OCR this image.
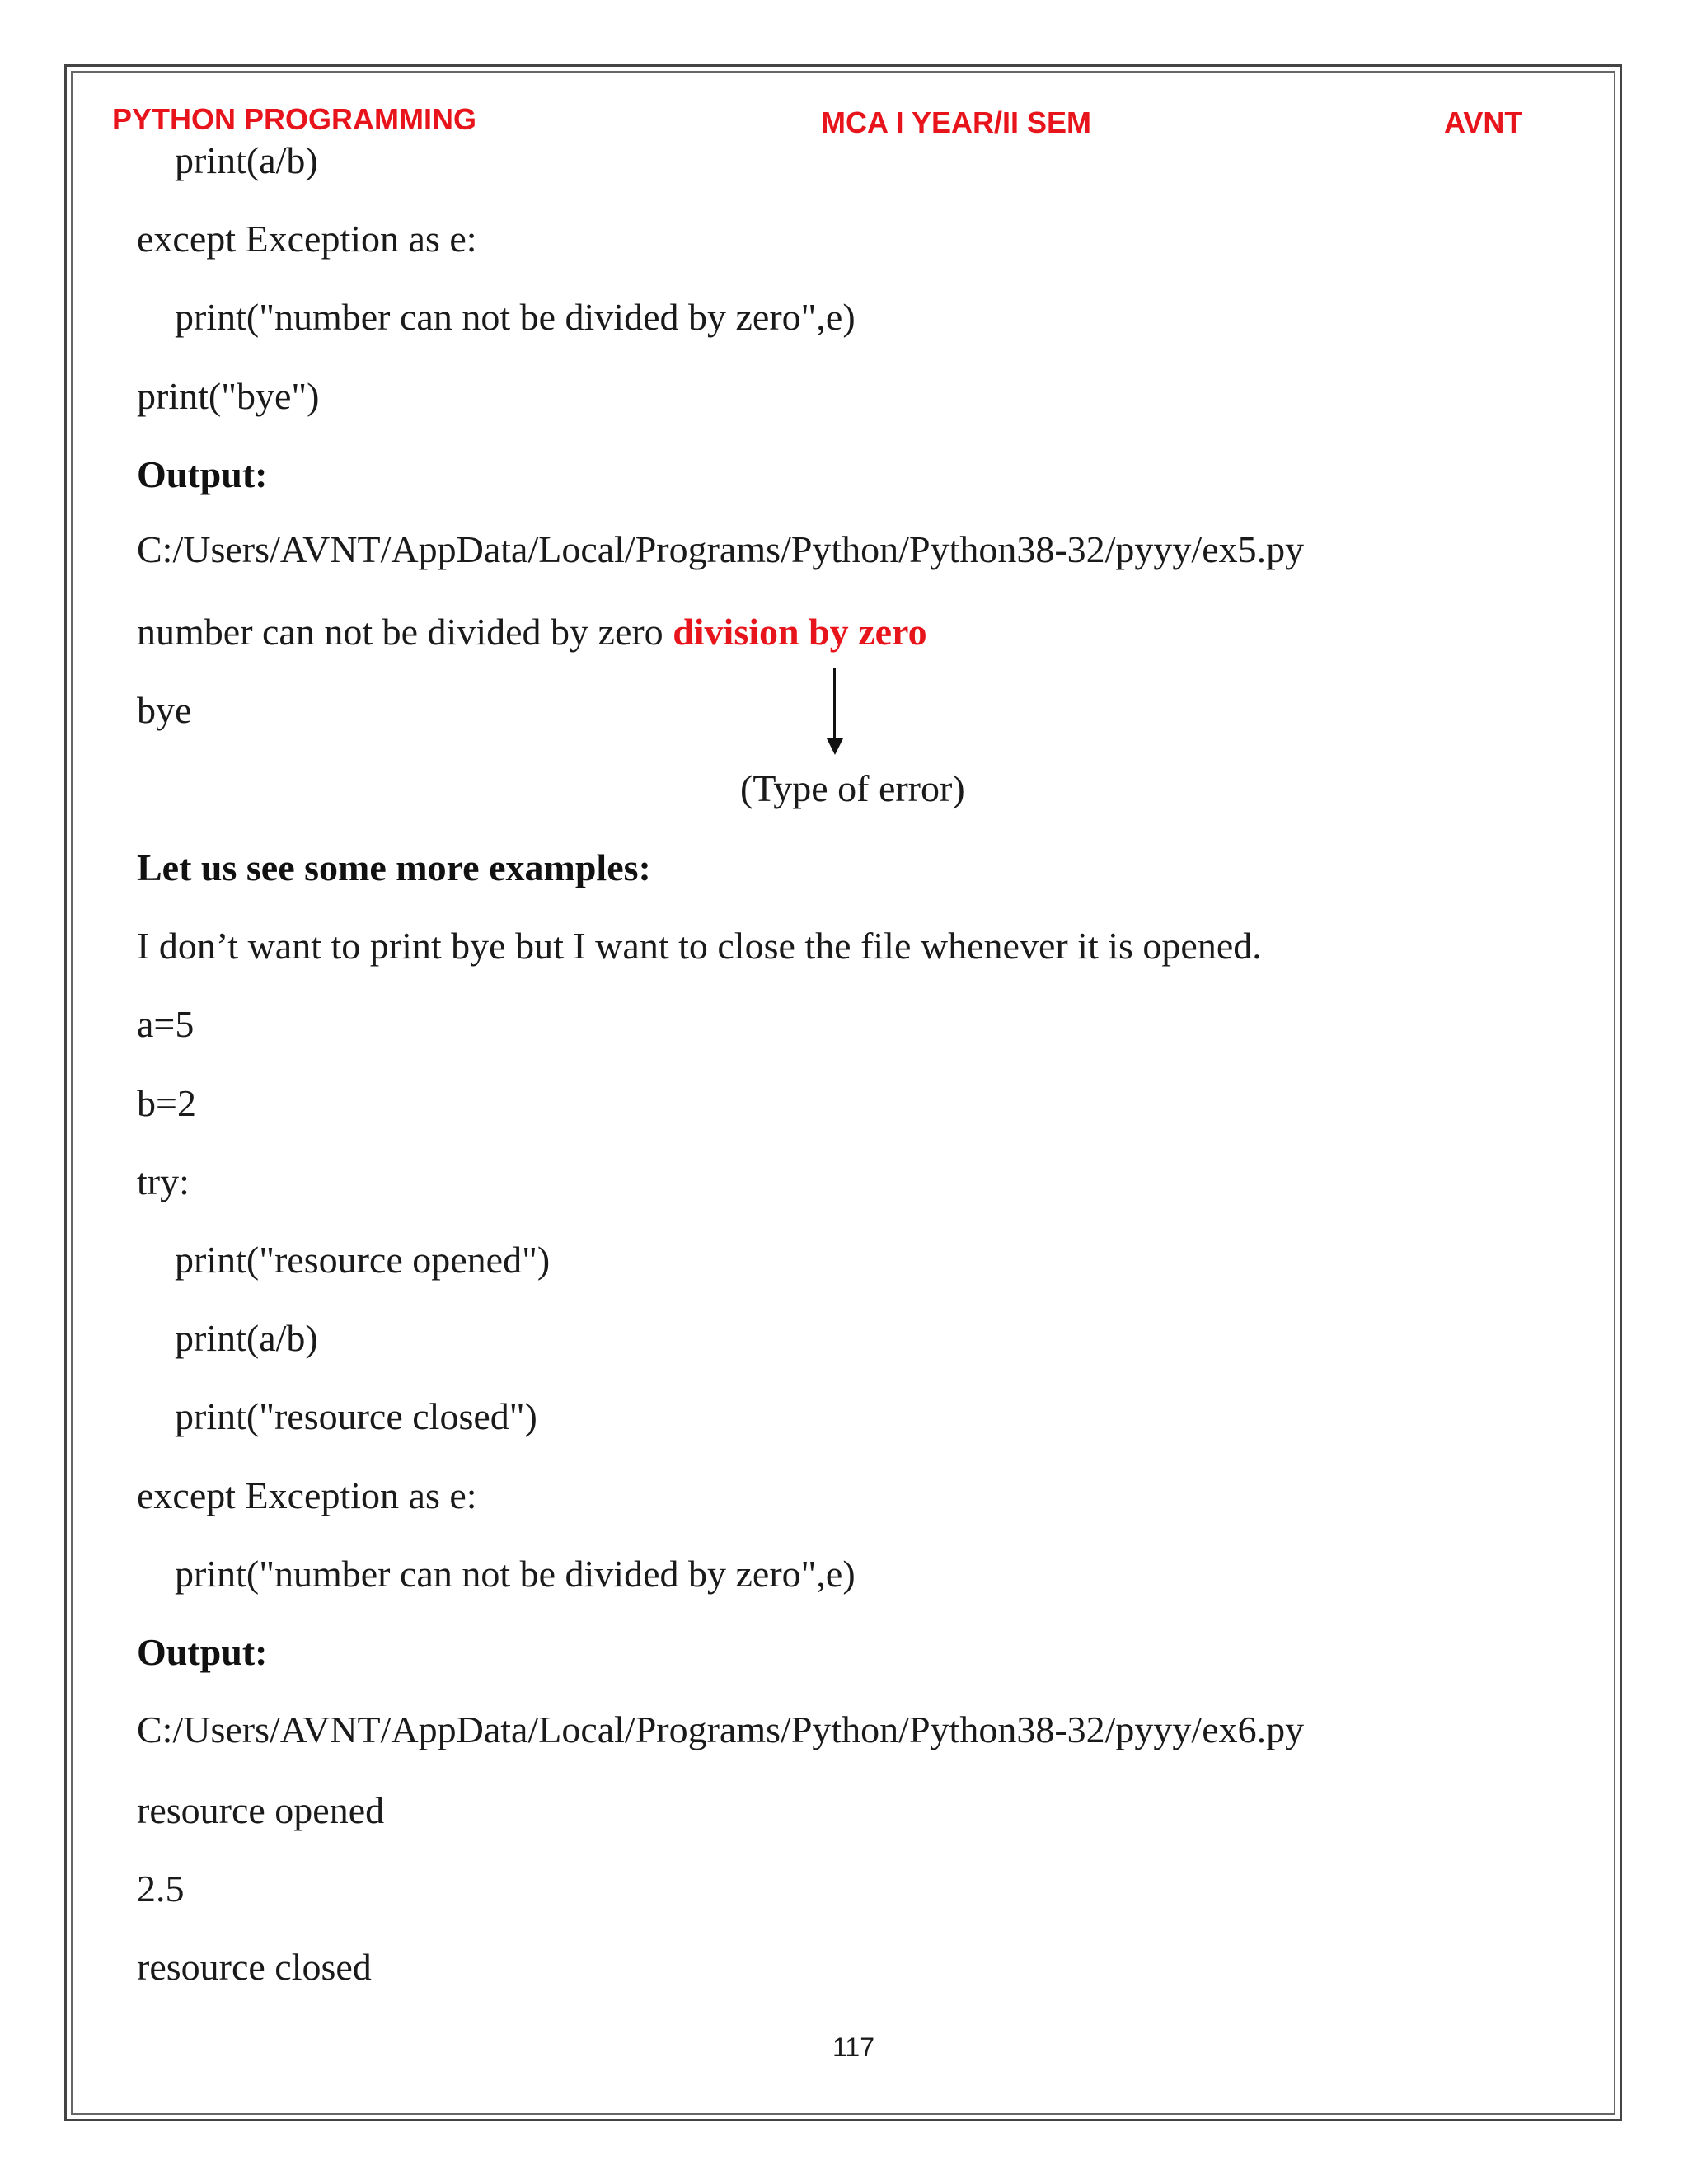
PYTHON PROGRAMMING	MCA I YEAR/II SEM	AVNT
print(a/b)
except Exception as e:
print("number can not be divided by zero",e)
print("bye")
Output:
C:/Users/AVNT/AppData/Local/Programs/Python/Python38-32/pyyy/ex5.py
number can not be divided by zero division by zero
bye
(Type of error)
Let us see some more examples:
I don’t want to print bye but I want to close the file whenever it is opened.
a=5
b=2
try:
print("resource opened")
print(a/b)
print("resource closed")
except Exception as e:
print("number can not be divided by zero",e)
Output:
C:/Users/AVNT/AppData/Local/Programs/Python/Python38-32/pyyy/ex6.py
resource opened
2.5
resource closed
117
